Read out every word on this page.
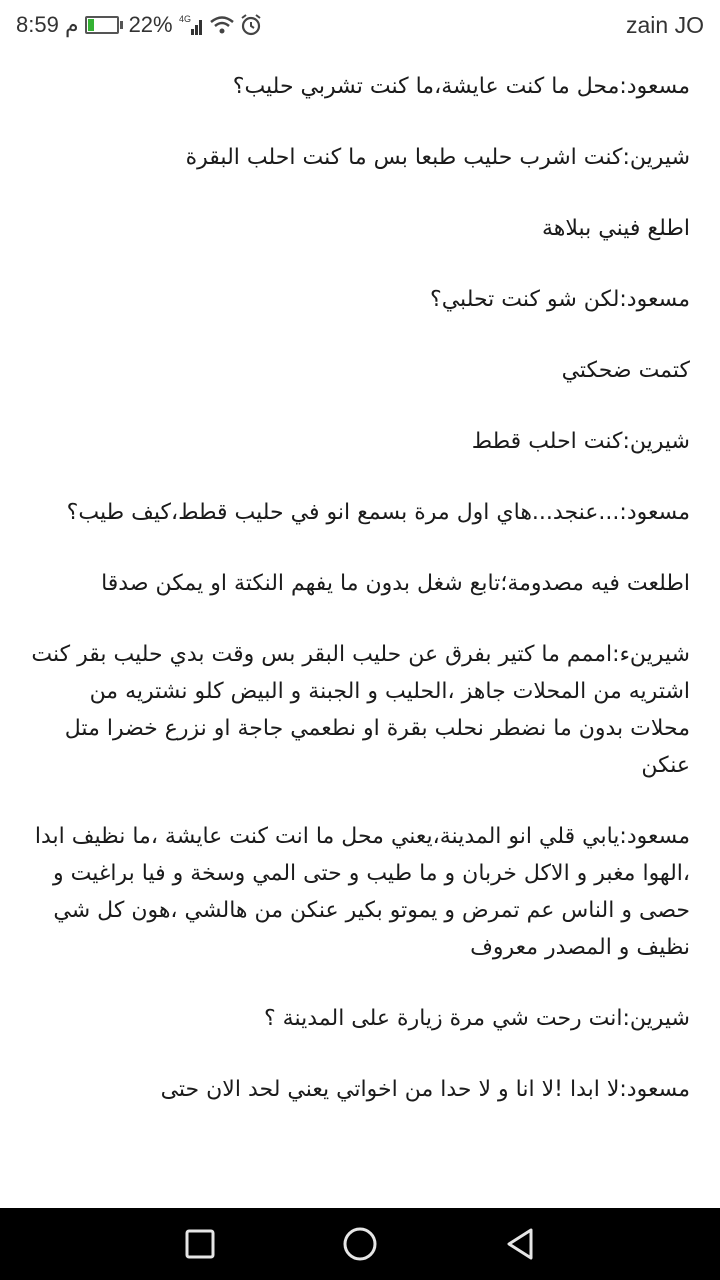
8:59 م 22% 4G	zain JO

مسعود:محل ما كنت عايشة،ما كنت تشربي حليب؟

شيرين:كنت اشرب حليب طبعا بس ما كنت احلب البقرة

اطلع فيني ببلاهة

مسعود:لكن شو كنت تحلبي؟

كتمت ضحكتي

شيرين:كنت احلب قطط

مسعود:...عنجد...هاي اول مرة بسمع انو في حليب قطط،كيف طيب؟

اطلعت فيه مصدومة؛تابع شغل بدون ما يفهم النكتة او يمكن صدقا

شيرينء:اممم ما كتير بفرق عن حليب البقر بس وقت بدي حليب بقر كنت اشتريه من المحلات جاهز ،الحليب و الجبنة و البيض كلو نشتريه من محلات بدون ما نضطر نحلب بقرة او نطعمي جاجة او نزرع خضرا متل عنكن

مسعود:يابي قلي انو المدينة،يعني محل ما انت كنت عايشة ،ما نظيف ابدا ،الهوا مغبر و الاكل خربان و ما طيب و حتى المي وسخة و فيا براغيت و حصى و الناس عم تمرض و يموتو بكير عنكن من هالشي ،هون كل شي نظيف و المصدر معروف

شيرين:انت رحت شي مرة زيارة على المدينة ؟

مسعود:لا ابدا !لا انا و لا حدا من اخواتي يعني لحد الان حتى
